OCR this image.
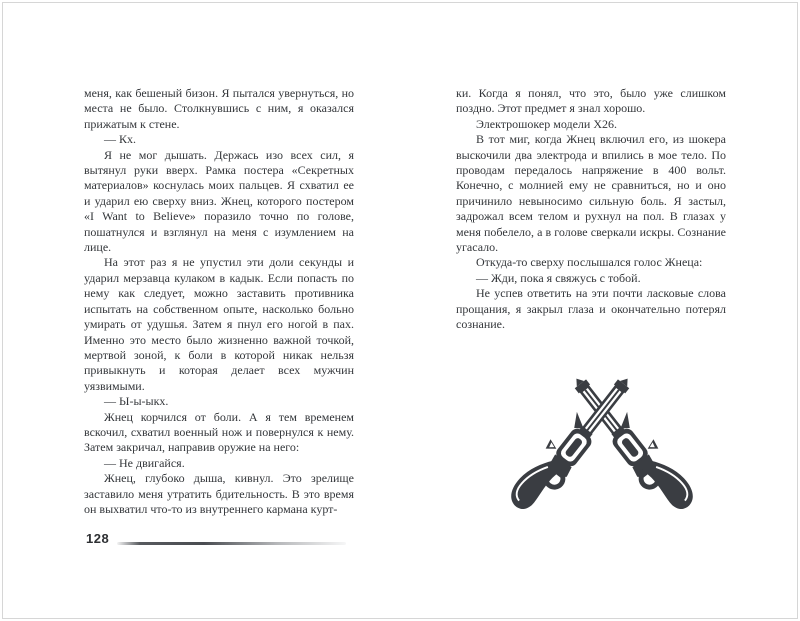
меня, как бешеный бизон. Я пытался увернуться, но места не было. Столкнувшись с ним, я оказался прижатым к стене.

— Кх.

Я не мог дышать. Держась изо всех сил, я вытянул руки вверх. Рамка постера «Секретных материалов» коснулась моих пальцев. Я схватил ее и ударил ею сверху вниз. Жнец, которого постером «I Want to Believe» поразило точно по голове, пошатнулся и взглянул на меня с изумлением на лице.

На этот раз я не упустил эти доли секунды и ударил мерзавца кулаком в кадык. Если попасть по нему как следует, можно заставить противника испытать на собственном опыте, насколько больно умирать от удушья. Затем я пнул его ногой в пах. Именно это место было жизненно важной точкой, мертвой зоной, к боли в которой никак нельзя привыкнуть и которая делает всех мужчин уязвимыми.

— Ы-ы-ыкх.

Жнец корчился от боли. А я тем временем вскочил, схватил военный нож и повернулся к нему. Затем закричал, направив оружие на него:

— Не двигайся.

Жнец, глубоко дыша, кивнул. Это зрелище заставило меня утратить бдительность. В это время он выхватил что-то из внутреннего кармана курт-

ки. Когда я понял, что это, было уже слишком поздно. Этот предмет я знал хорошо.

Электрошокер модели Х26.

В тот миг, когда Жнец включил его, из шокера выскочили два электрода и впились в мое тело. По проводам передалось напряжение в 400 вольт. Конечно, с молнией ему не сравниться, но и оно причинило невыносимо сильную боль. Я застыл, задрожал всем телом и рухнул на пол. В глазах у меня побелело, а в голове сверкали искры. Сознание угасало.

Откуда-то сверху послышался голос Жнеца:

— Жди, пока я свяжусь с тобой.

Не успев ответить на эти почти ласковые слова прощания, я закрыл глаза и окончательно потерял сознание.

128
